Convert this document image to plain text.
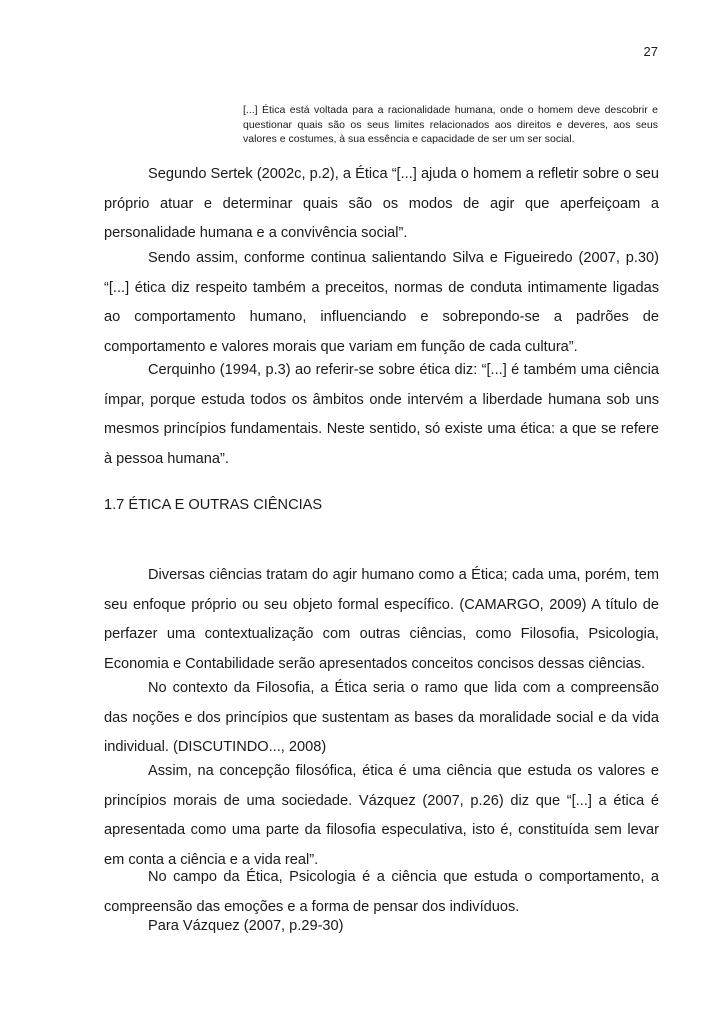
27
[...] Ética está voltada para a racionalidade humana, onde o homem deve descobrir e questionar quais são os seus limites relacionados aos direitos e deveres, aos seus valores e costumes, à sua essência e capacidade de ser um ser social.

Segundo Sertek (2002c, p.2), a Ética “[...] ajuda o homem a refletir sobre o seu próprio atuar e determinar quais são os modos de agir que aperfeiçoam a personalidade humana e a convivência social”.

Sendo assim, conforme continua salientando Silva e Figueiredo (2007, p.30) “[...] ética diz respeito também a preceitos, normas de conduta intimamente ligadas ao comportamento humano, influenciando e sobrepondo-se a padrões de comportamento e valores morais que variam em função de cada cultura”.

Cerquinho (1994, p.3) ao referir-se sobre ética diz: “[...] é também uma ciência ímpar, porque estuda todos os âmbitos onde intervém a liberdade humana sob uns mesmos princípios fundamentais. Neste sentido, só existe uma ética: a que se refere à pessoa humana”.

1.7 ÉTICA E OUTRAS CIÊNCIAS

Diversas ciências tratam do agir humano como a Ética; cada uma, porém, tem seu enfoque próprio ou seu objeto formal específico. (CAMARGO, 2009) A título de perfazer uma contextualização com outras ciências, como Filosofia, Psicologia, Economia e Contabilidade serão apresentados conceitos concisos dessas ciências.

No contexto da Filosofia, a Ética seria o ramo que lida com a compreensão das noções e dos princípios que sustentam as bases da moralidade social e da vida individual. (DISCUTINDO..., 2008)

Assim, na concepção filosófica, ética é uma ciência que estuda os valores e princípios morais de uma sociedade. Vázquez (2007, p.26) diz que “[...] a ética é apresentada como uma parte da filosofia especulativa, isto é, constituída sem levar em conta a ciência e a vida real”.

No campo da Ética, Psicologia é a ciência que estuda o comportamento, a compreensão das emoções e a forma de pensar dos indivíduos.

Para Vázquez (2007, p.29-30)
